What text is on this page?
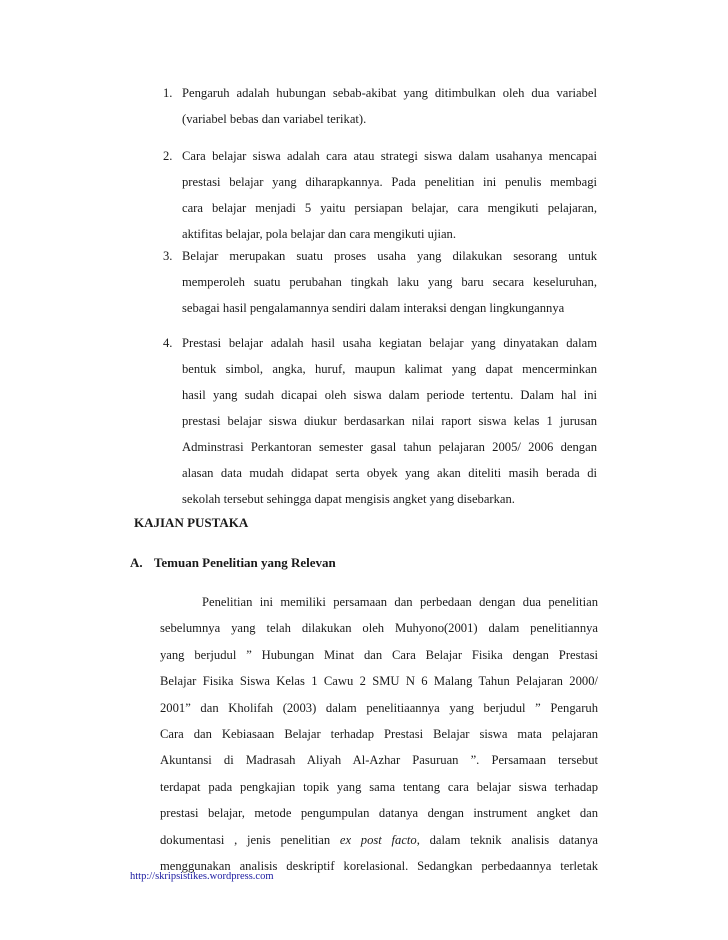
1. Pengaruh adalah hubungan sebab-akibat yang ditimbulkan oleh dua variabel
(variabel bebas dan variabel terikat).
2. Cara belajar siswa adalah cara atau strategi siswa dalam usahanya mencapai
prestasi belajar yang diharapkannya. Pada penelitian ini penulis membagi
cara belajar menjadi 5 yaitu persiapan belajar, cara mengikuti pelajaran,
aktifitas belajar, pola belajar dan cara mengikuti ujian.
3. Belajar merupakan suatu proses usaha yang dilakukan sesorang untuk
memperoleh suatu perubahan tingkah laku yang baru secara keseluruhan,
sebagai hasil pengalamannya sendiri dalam interaksi dengan lingkungannya
4. Prestasi belajar adalah hasil usaha kegiatan belajar yang dinyatakan dalam
bentuk simbol, angka, huruf, maupun kalimat yang dapat mencerminkan
hasil yang sudah dicapai oleh siswa dalam periode tertentu. Dalam hal ini
prestasi belajar siswa diukur berdasarkan nilai raport siswa kelas 1 jurusan
Adminstrasi Perkantoran semester gasal tahun pelajaran 2005/ 2006 dengan
alasan data mudah didapat serta obyek yang akan diteliti masih berada di
sekolah tersebut sehingga dapat mengisis angket yang disebarkan.
KAJIAN PUSTAKA
A. Temuan Penelitian yang Relevan
Penelitian ini memiliki persamaan dan perbedaan dengan dua penelitian
sebelumnya yang telah dilakukan oleh Muhyono(2001) dalam penelitiannya
yang berjudul ” Hubungan Minat dan Cara Belajar Fisika dengan Prestasi
Belajar Fisika Siswa Kelas 1 Cawu 2 SMU N 6 Malang Tahun Pelajaran 2000/
2001” dan Kholifah (2003) dalam penelitiaannya yang berjudul ” Pengaruh
Cara dan Kebiasaan Belajar terhadap Prestasi Belajar siswa mata pelajaran
Akuntansi di Madrasah Aliyah Al-Azhar Pasuruan ”. Persamaan tersebut
terdapat pada pengkajian topik yang sama tentang cara belajar siswa terhadap
prestasi belajar, metode pengumpulan datanya dengan instrument angket dan
dokumentasi , jenis penelitian ex post facto, dalam teknik analisis datanya
menggunakan analisis deskriptif korelasional. Sedangkan perbedaannya terletak
http://skripsistikes.wordpress.com
